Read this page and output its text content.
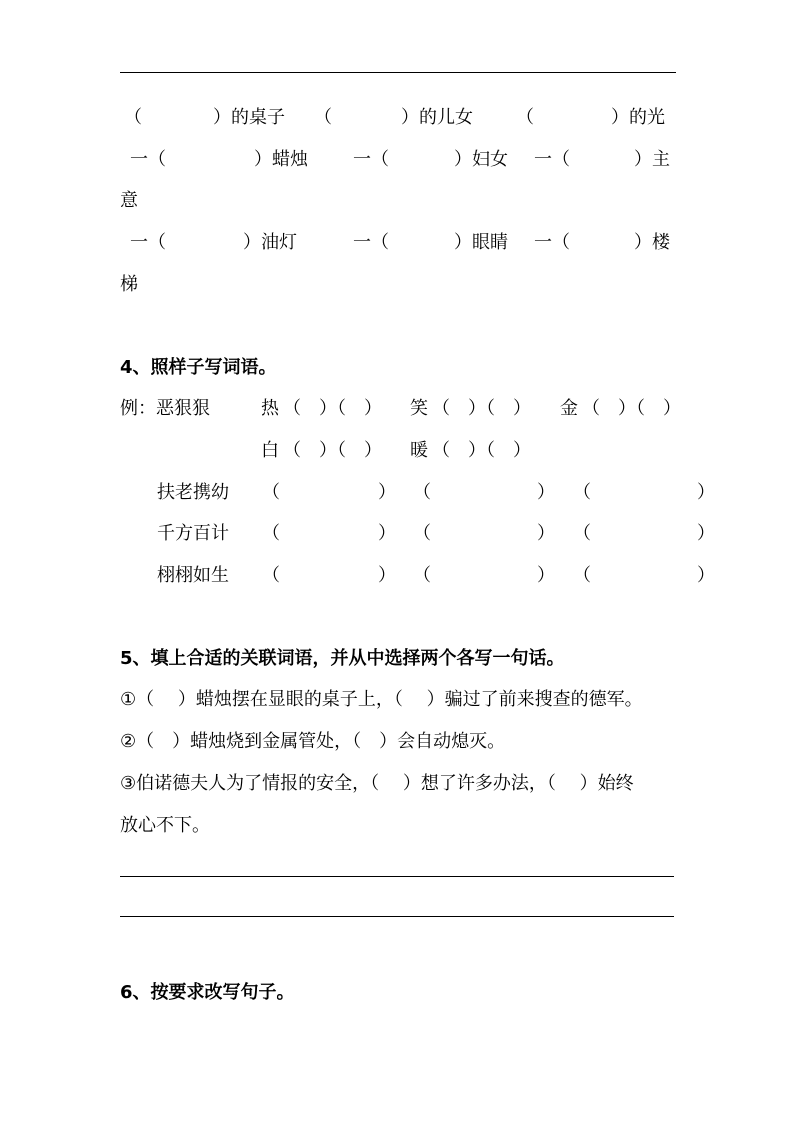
（	）的桌子 （	）的儿女 （	）的光
一（	）蜡烛	一（	）妇女 一（	）主
意
一（	）油灯	一（	）眼睛 一（	）楼
梯
4、照样子写词语。
例：恶狠狠	热 （　）（　） 笑 （　）（　） 金 （　）（　）
白 （　）（　） 暖 （　）（　）
扶老携幼 （	） （	） （	）
千方百计 （	） （	） （	）
栩栩如生 （	） （	） （	）
5、填上合适的关联词语，并从中选择两个各写一句话。
①（　 ）蜡烛摆在显眼的桌子上，（　 ）骗过了前来搜查的德军。
②（　）蜡烛烧到金属管处，（　）会自动熄灭。
③伯诺德夫人为了情报的安全，（　 ）想了许多办法，（　 ）始终
放心不下。
6、按要求改写句子。
